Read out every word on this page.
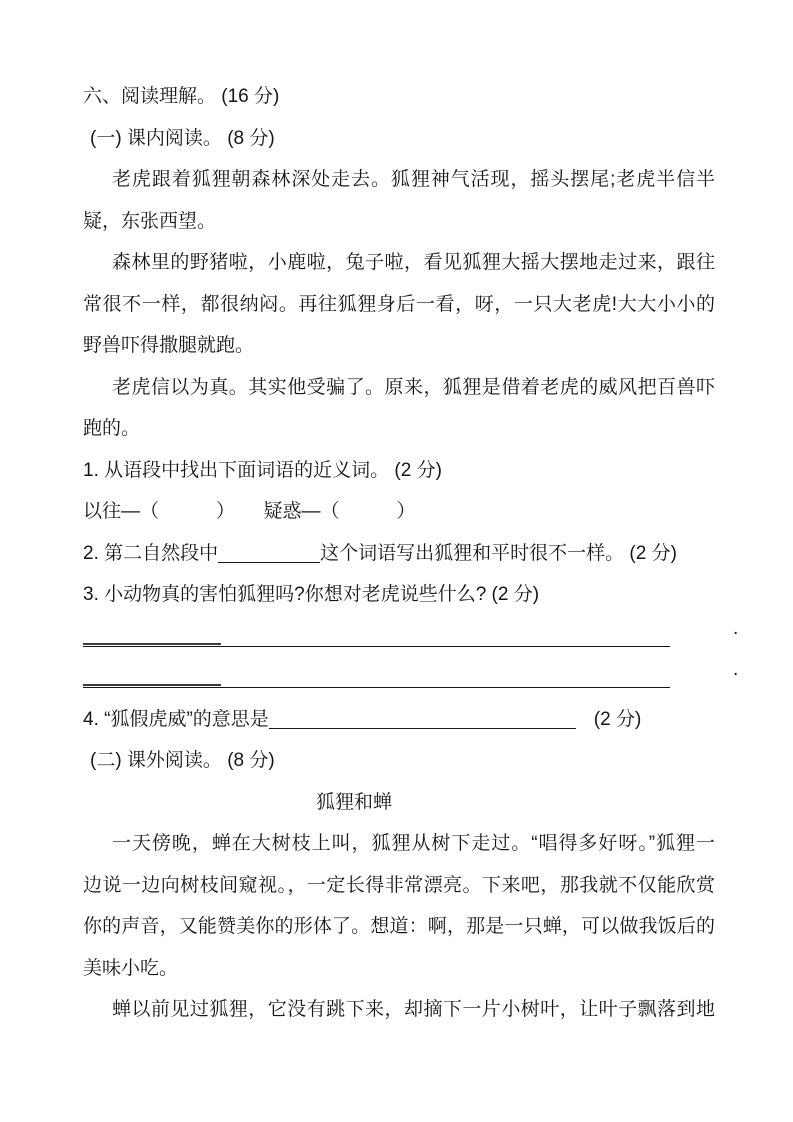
六、阅读理解。 (16 分)
(一) 课内阅读。 (8 分)
老虎跟着狐狸朝森林深处走去。狐狸神气活现，摇头摆尾;老虎半信半
疑，东张西望。
森林里的野猪啦，小鹿啦，兔子啦，看见狐狸大摇大摆地走过来，跟往
常很不一样，都很纳闷。再往狐狸身后一看，呀，一只大老虎!大大小小的
野兽吓得撒腿就跑。
老虎信以为真。其实他受骗了。原来，狐狸是借着老虎的威风把百兽吓
跑的。
1. 从语段中找出下面词语的近义词。 (2 分)
以往—（　　　）　　疑惑—（　　　）
2. 第二自然段中	这个词语写出狐狸和平时很不一样。 (2 分)
3. 小动物真的害怕狐狸吗?你想对老虎说些什么? (2 分)
.
.
4. “狐假虎威”的意思是	(2 分)
(二) 课外阅读。 (8 分)
狐狸和蝉
一天傍晚，蝉在大树枝上叫，狐狸从树下走过。“唱得多好呀。”狐狸一
边说一边向树枝间窥视。，一定长得非常漂亮。下来吧，那我就不仅能欣赏
你的声音，又能赞美你的形体了。想道：啊，那是一只蝉，可以做我饭后的
美味小吃。
蝉以前见过狐狸，它没有跳下来，却摘下一片小树叶，让叶子飘落到地
